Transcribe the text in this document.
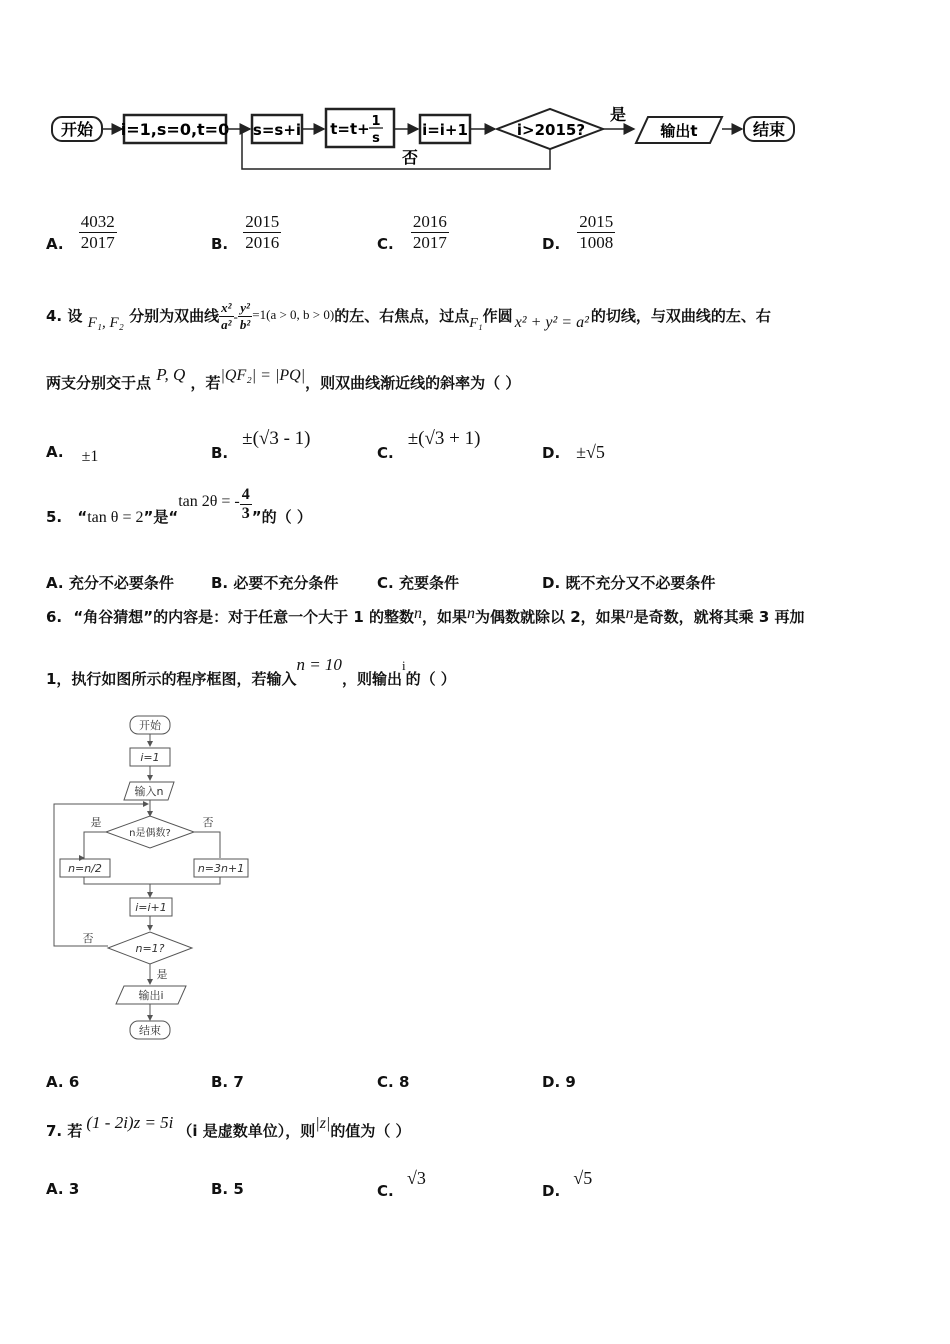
开始 i=1,s=0,t=0 s=s+i t=t+ 1
s	i=i+1	i>2015?
是
输出t	结束
否
A. $\frac{4032}{2017}$	B. $\frac{2015}{2016}$	C. $\frac{2016}{2017}$	D. $\frac{2015}{1008}$
4. 设 F₁, F₂ 分别为双曲线 $\frac{\text{x²}}{\text{a²}} - \frac{\text{y²}}{\text{b²}} =1(a > 0$, b > 0)的左、右焦点，过点F₁作圆 x² + y² = a² 的切线，与双曲线的左、右
两支分别交于点 P, Q ，若|QF₂| = |PQ|，则双曲线渐近线的斜率为（ ）
A. ±1	B.±(√3 - 1)
C.±(√3 + 1)
D. ±√5
5. “tan θ = 2”是“tan 2θ = - $\frac{4}{3}$ ”的（ ）
A. 充分不必要条件 B. 必要不充分条件	C. 充要条件	D. 既不充分又不必要条件
6. “角谷猜想”的内容是：对于任意一个大于 1 的整数n，如果n为偶数就除以 2，如果n是奇数，就将其乘 3 再加
1，执行如图所示的程序框图，若输入n = 10，则输出i的（ ）
开始
i=1
输入n
n是偶数?
是	否
n=n/2	n=3n+1
i=i+1
n=1?
否
是
输出i
结束
A. 6	B. 7	C. 8	D. 9
7. 若 (1 - 2i)z = 5i （i 是虚数单位），则|z|的值为（ ）
A. 3	B. 5	C. √3
D. √5
